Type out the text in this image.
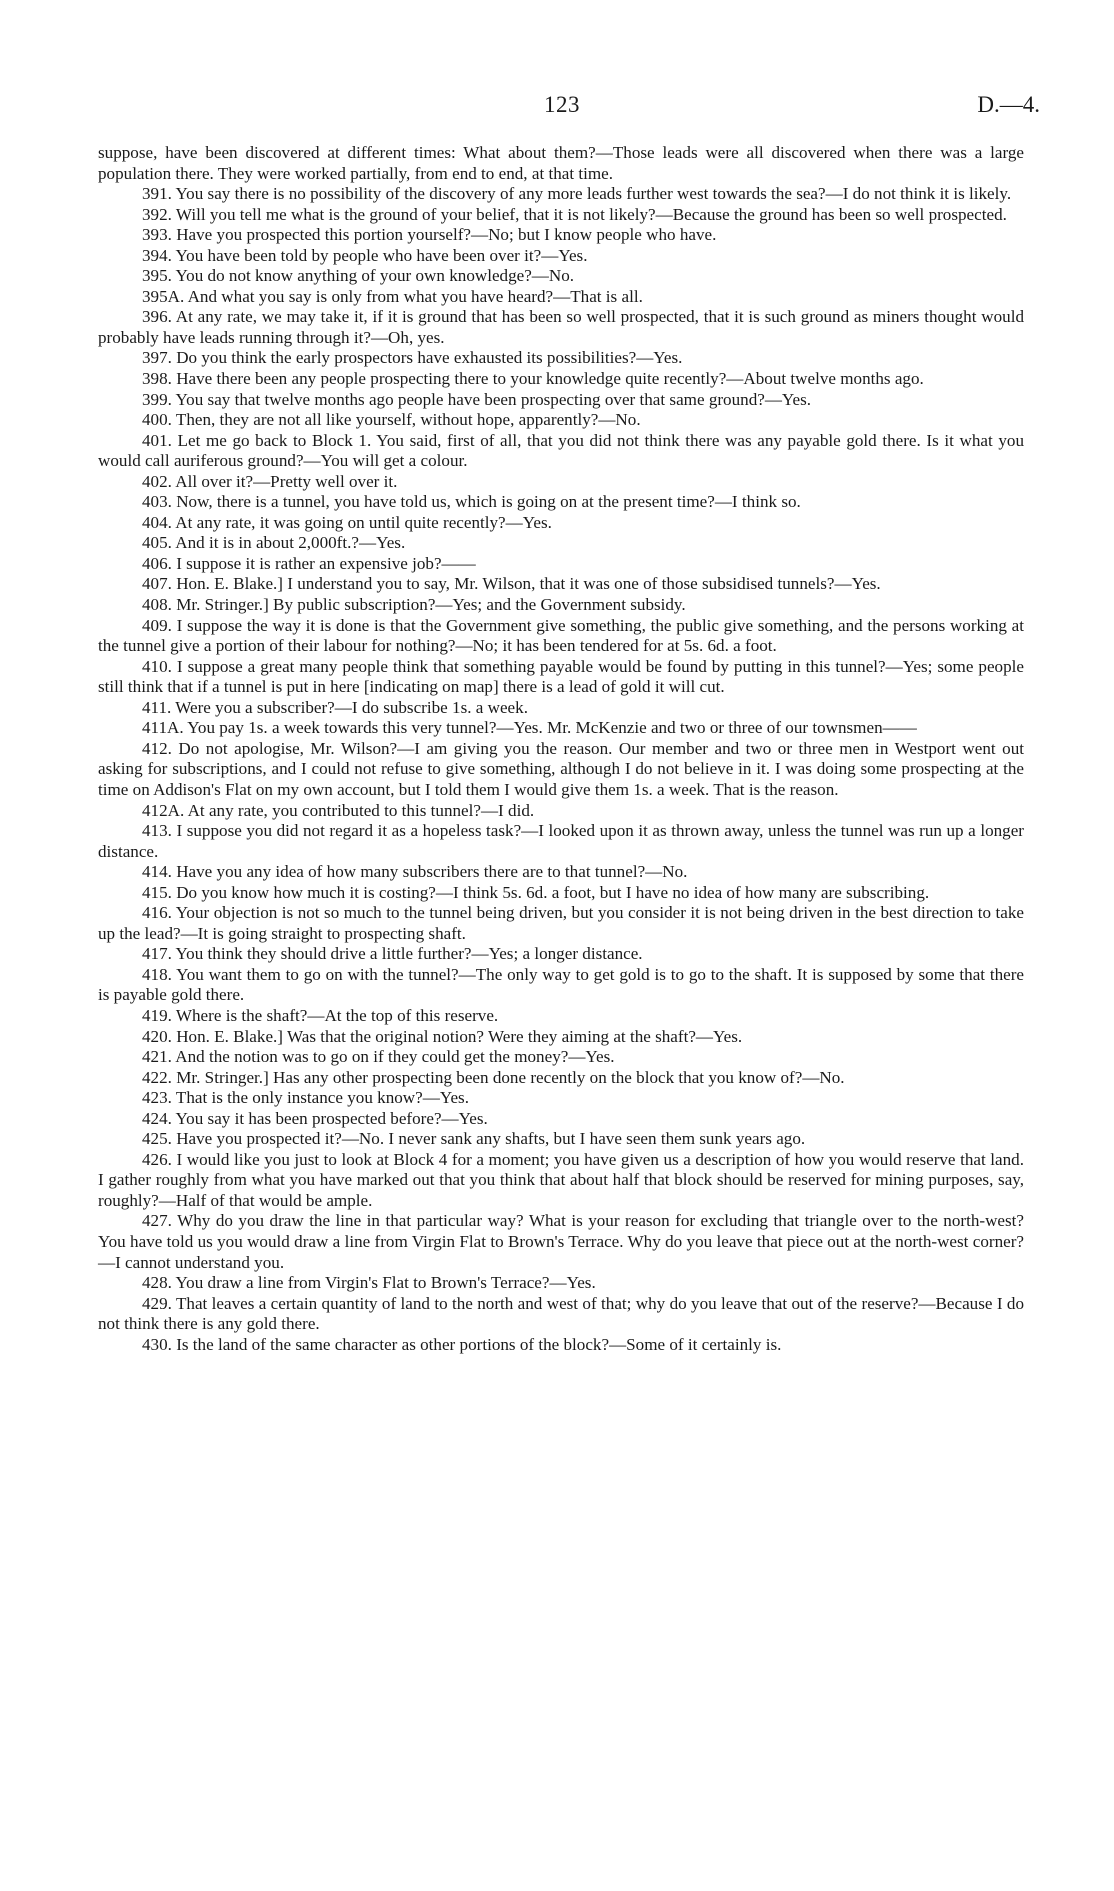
123	D.—4.

suppose, have been discovered at different times: What about them?—Those leads were all discovered when there was a large population there. They were worked partially, from end to end, at that time.

391. You say there is no possibility of the discovery of any more leads further west towards the sea?—I do not think it is likely.

392. Will you tell me what is the ground of your belief, that it is not likely?—Because the ground has been so well prospected.

393. Have you prospected this portion yourself?—No; but I know people who have.

394. You have been told by people who have been over it?—Yes.

395. You do not know anything of your own knowledge?—No.

395A. And what you say is only from what you have heard?—That is all.

396. At any rate, we may take it, if it is ground that has been so well prospected, that it is such ground as miners thought would probably have leads running through it?—Oh, yes.

397. Do you think the early prospectors have exhausted its possibilities?—Yes.

398. Have there been any people prospecting there to your knowledge quite recently?—About twelve months ago.

399. You say that twelve months ago people have been prospecting over that same ground?—Yes.

400. Then, they are not all like yourself, without hope, apparently?—No.

401. Let me go back to Block 1. You said, first of all, that you did not think there was any payable gold there. Is it what you would call auriferous ground?—You will get a colour.

402. All over it?—Pretty well over it.

403. Now, there is a tunnel, you have told us, which is going on at the present time?—I think so.

404. At any rate, it was going on until quite recently?—Yes.

405. And it is in about 2,000ft.?—Yes.

406. I suppose it is rather an expensive job?——

407. Hon. E. Blake.] I understand you to say, Mr. Wilson, that it was one of those subsidised tunnels?—Yes.

408. Mr. Stringer.] By public subscription?—Yes; and the Government subsidy.

409. I suppose the way it is done is that the Government give something, the public give something, and the persons working at the tunnel give a portion of their labour for nothing?—No; it has been tendered for at 5s. 6d. a foot.

410. I suppose a great many people think that something payable would be found by putting in this tunnel?—Yes; some people still think that if a tunnel is put in here [indicating on map] there is a lead of gold it will cut.

411. Were you a subscriber?—I do subscribe 1s. a week.

411A. You pay 1s. a week towards this very tunnel?—Yes. Mr. McKenzie and two or three of our townsmen——

412. Do not apologise, Mr. Wilson?—I am giving you the reason. Our member and two or three men in Westport went out asking for subscriptions, and I could not refuse to give something, although I do not believe in it. I was doing some prospecting at the time on Addison's Flat on my own account, but I told them I would give them 1s. a week. That is the reason.

412A. At any rate, you contributed to this tunnel?—I did.

413. I suppose you did not regard it as a hopeless task?—I looked upon it as thrown away, unless the tunnel was run up a longer distance.

414. Have you any idea of how many subscribers there are to that tunnel?—No.

415. Do you know how much it is costing?—I think 5s. 6d. a foot, but I have no idea of how many are subscribing.

416. Your objection is not so much to the tunnel being driven, but you consider it is not being driven in the best direction to take up the lead?—It is going straight to prospecting shaft.

417. You think they should drive a little further?—Yes; a longer distance.

418. You want them to go on with the tunnel?—The only way to get gold is to go to the shaft. It is supposed by some that there is payable gold there.

419. Where is the shaft?—At the top of this reserve.

420. Hon. E. Blake.] Was that the original notion? Were they aiming at the shaft?—Yes.

421. And the notion was to go on if they could get the money?—Yes.

422. Mr. Stringer.] Has any other prospecting been done recently on the block that you know of?—No.

423. That is the only instance you know?—Yes.

424. You say it has been prospected before?—Yes.

425. Have you prospected it?—No. I never sank any shafts, but I have seen them sunk years ago.

426. I would like you just to look at Block 4 for a moment; you have given us a description of how you would reserve that land. I gather roughly from what you have marked out that you think that about half that block should be reserved for mining purposes, say, roughly?—Half of that would be ample.

427. Why do you draw the line in that particular way? What is your reason for excluding that triangle over to the north-west? You have told us you would draw a line from Virgin Flat to Brown's Terrace. Why do you leave that piece out at the north-west corner?—I cannot understand you.

428. You draw a line from Virgin's Flat to Brown's Terrace?—Yes.

429. That leaves a certain quantity of land to the north and west of that; why do you leave that out of the reserve?—Because I do not think there is any gold there.

430. Is the land of the same character as other portions of the block?—Some of it certainly is.
